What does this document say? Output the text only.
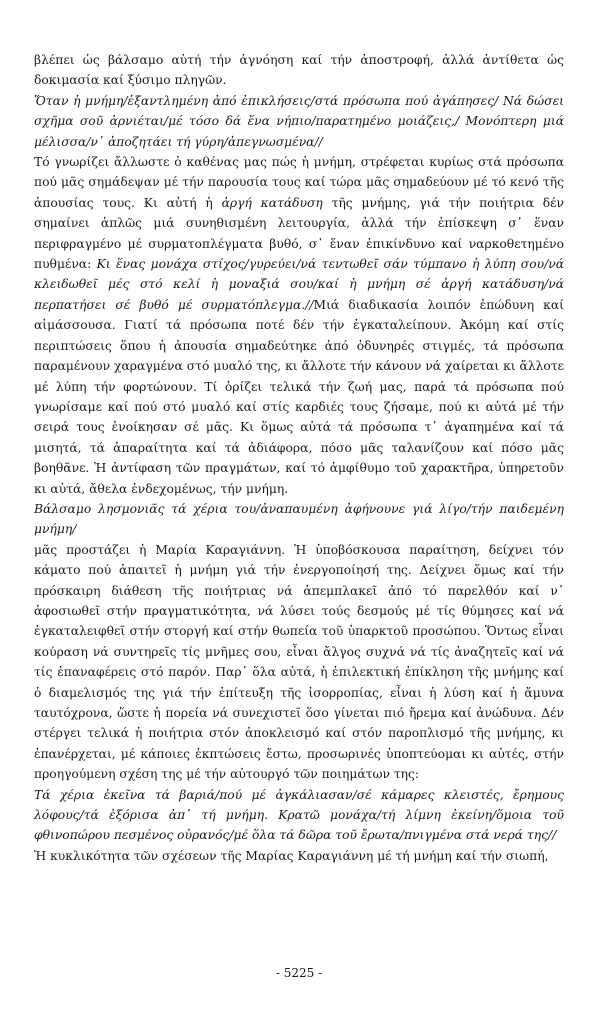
βλέπει ὡς βάλσαμο αὐτή τήν ἀγνόηση καί τήν ἀποστροφή, ἀλλά ἀντίθετα ὡς δοκιμασία καί ξύσιμο πληγῶν.

Ὅταν ἡ μνήμη/ἐξαντλημένη ἀπό ἐπικλήσεις/στά πρόσωπα πού ἀγάπησες/ Νά δώσει σχῆμα σοῦ ἀρνιέται/μέ τόσο δά ἕνα νήπιο/παρατημένο μοιάζεις,/ Μονόπτερη μιά μέλισσα/ν᾿ ἀποζητάει τή γύρη/ἀπεγνωσμένα//

Τό γνωρίζει ἄλλωστε ὁ καθένας μας πώς ἡ μνήμη, στρέφεται κυρίως στά πρόσωπα πού μᾶς σημάδεψαν μέ τήν παρουσία τους καί τώρα μᾶς σημαδεύουν μέ τό κενό τῆς ἀπουσίας τους. Κι αὐτή ἡ ἀργή κατάδυση τῆς μνήμης, γιά τήν ποιήτρια δέν σημαίνει ἁπλῶς μιά συνηθισμένη λειτουργία, ἀλλά τήν ἐπίσκεψη σ᾿ ἕναν περιφραγμένο μέ συρματοπλέγματα βυθό, σ᾿ ἕναν ἐπικίνδυνο καί ναρκοθετημένο πυθμένα: Κι ἕνας μονάχα στίχος/γυρεύει/νά τεντωθεῖ σάν τύμπανο ἡ λύπη σου/νά κλειδωθεῖ μές στό κελί ἡ μοναξιά σου/καί ἡ μνήμη σέ ἀργή κατάδυση/νά περπατήσει σέ βυθό μέ συρματόπλεγμα.//Μιά διαδικασία λοιπόν ἐπώδυνη καί αἱμάσσουσα. Γιατί τά πρόσωπα ποτέ δέν τήν ἐγκαταλείπουν. Ἀκόμη καί στίς περιπτώσεις ὅπου ἡ ἀπουσία σημαδεύτηκε ἀπό ὀδυνηρές στιγμές, τά πρόσωπα παραμένουν χαραγμένα στό μυαλό της, κι ἄλλοτε τήν κάνουν νά χαίρεται κι ἄλλοτε μέ λύπη τήν φορτώνουν. Τί ὁρίζει τελικά τήν ζωή μας, παρά τά πρόσωπα πού γνωρίσαμε καί πού στό μυαλό καί στίς καρδιές τους ζήσαμε, πού κι αὐτά μέ τήν σειρά τους ἐνοίκησαν σέ μᾶς. Κι ὅμως αὐτά τά πρόσωπα τ᾿ ἀγαπημένα καί τά μισητά, τά ἀπαραίτητα καί τά ἀδιάφορα, πόσο μᾶς ταλανίζουν καί πόσο μᾶς βοηθᾶνε. Ἡ ἀντίφαση τῶν πραγμάτων, καί τό ἀμφίθυμο τοῦ χαρακτῆρα, ὑπηρετοῦν κι αὐτά, ἄθελα ἐνδεχομένως, τήν μνήμη.

Βάλσαμο λησμονιᾶς τά χέρια του/ἀναπαυμένη ἀφήνουνε γιά λίγο/τήν παιδεμένη μνήμη/

μᾶς προστάζει ἡ Μαρία Καραγιάννη. Ἡ ὑποβόσκουσα παραίτηση, δείχνει τόν κάματο πού ἀπαιτεῖ ἡ μνήμη γιά τήν ἐνεργοποίησή της. Δείχνει ὅμως καί τήν πρόσκαιρη διάθεση τῆς ποιήτριας νά ἀπεμπλακεῖ ἀπό τό παρελθόν καί ν᾿ ἀφοσιωθεῖ στήν πραγματικότητα, νά λύσει τούς δεσμούς μέ τίς θύμησες καί νά ἐγκαταλειφθεῖ στήν στοργή καί στήν θωπεία τοῦ ὑπαρκτοῦ προσώπου. Ὅντως εἶναι κούραση νά συντηρεῖς τίς μνῆμες σου, εἶναι ἄλγος συχνά νά τίς ἀναζητεῖς καί νά τίς ἐπαναφέρεις στό παρόν. Παρ᾿ ὅλα αὐτά, ἡ ἐπιλεκτική ἐπίκληση τῆς μνήμης καί ὁ διαμελισμός της γιά τήν ἐπίτευξη τῆς ἰσορροπίας, εἶναι ἡ λύση καί ἡ ἄμυνα ταυτόχρονα, ὥστε ἡ πορεία νά συνεχιστεῖ ὅσο γίνεται πιό ἤρεμα καί ἀνώδυνα. Δέν στέργει τελικά ἡ ποιήτρια στόν ἀποκλεισμό καί στόν παροπλισμό τῆς μνήμης, κι ἐπανέρχεται, μέ κάποιες ἐκπτώσεις ἔστω, προσωρινές ὑποπτεύομαι κι αὐτές, στήν προηγούμενη σχέση της μέ τήν αὐτουργό τῶν ποιημάτων της:

Τά χέρια ἐκεῖνα τά βαριά/πού μέ ἀγκάλιασαν/σέ κάμαρες κλειστές, ἔρημους λόφους/τά ἐξόρισα ἀπ᾿ τή μνήμη. Κρατῶ μονάχα/τή λίμνη ἐκείνη/ὅμοια τοῦ φθινοπώρου πεσμένος οὐρανός/μέ ὅλα τά δῶρα τοῦ ἔρωτα/πνιγμένα στά νερά της//

Ἡ κυκλικότητα τῶν σχέσεων τῆς Μαρίας Καραγιάννη μέ τή μνήμη καί τήν σιωπή,

- 5225 -
